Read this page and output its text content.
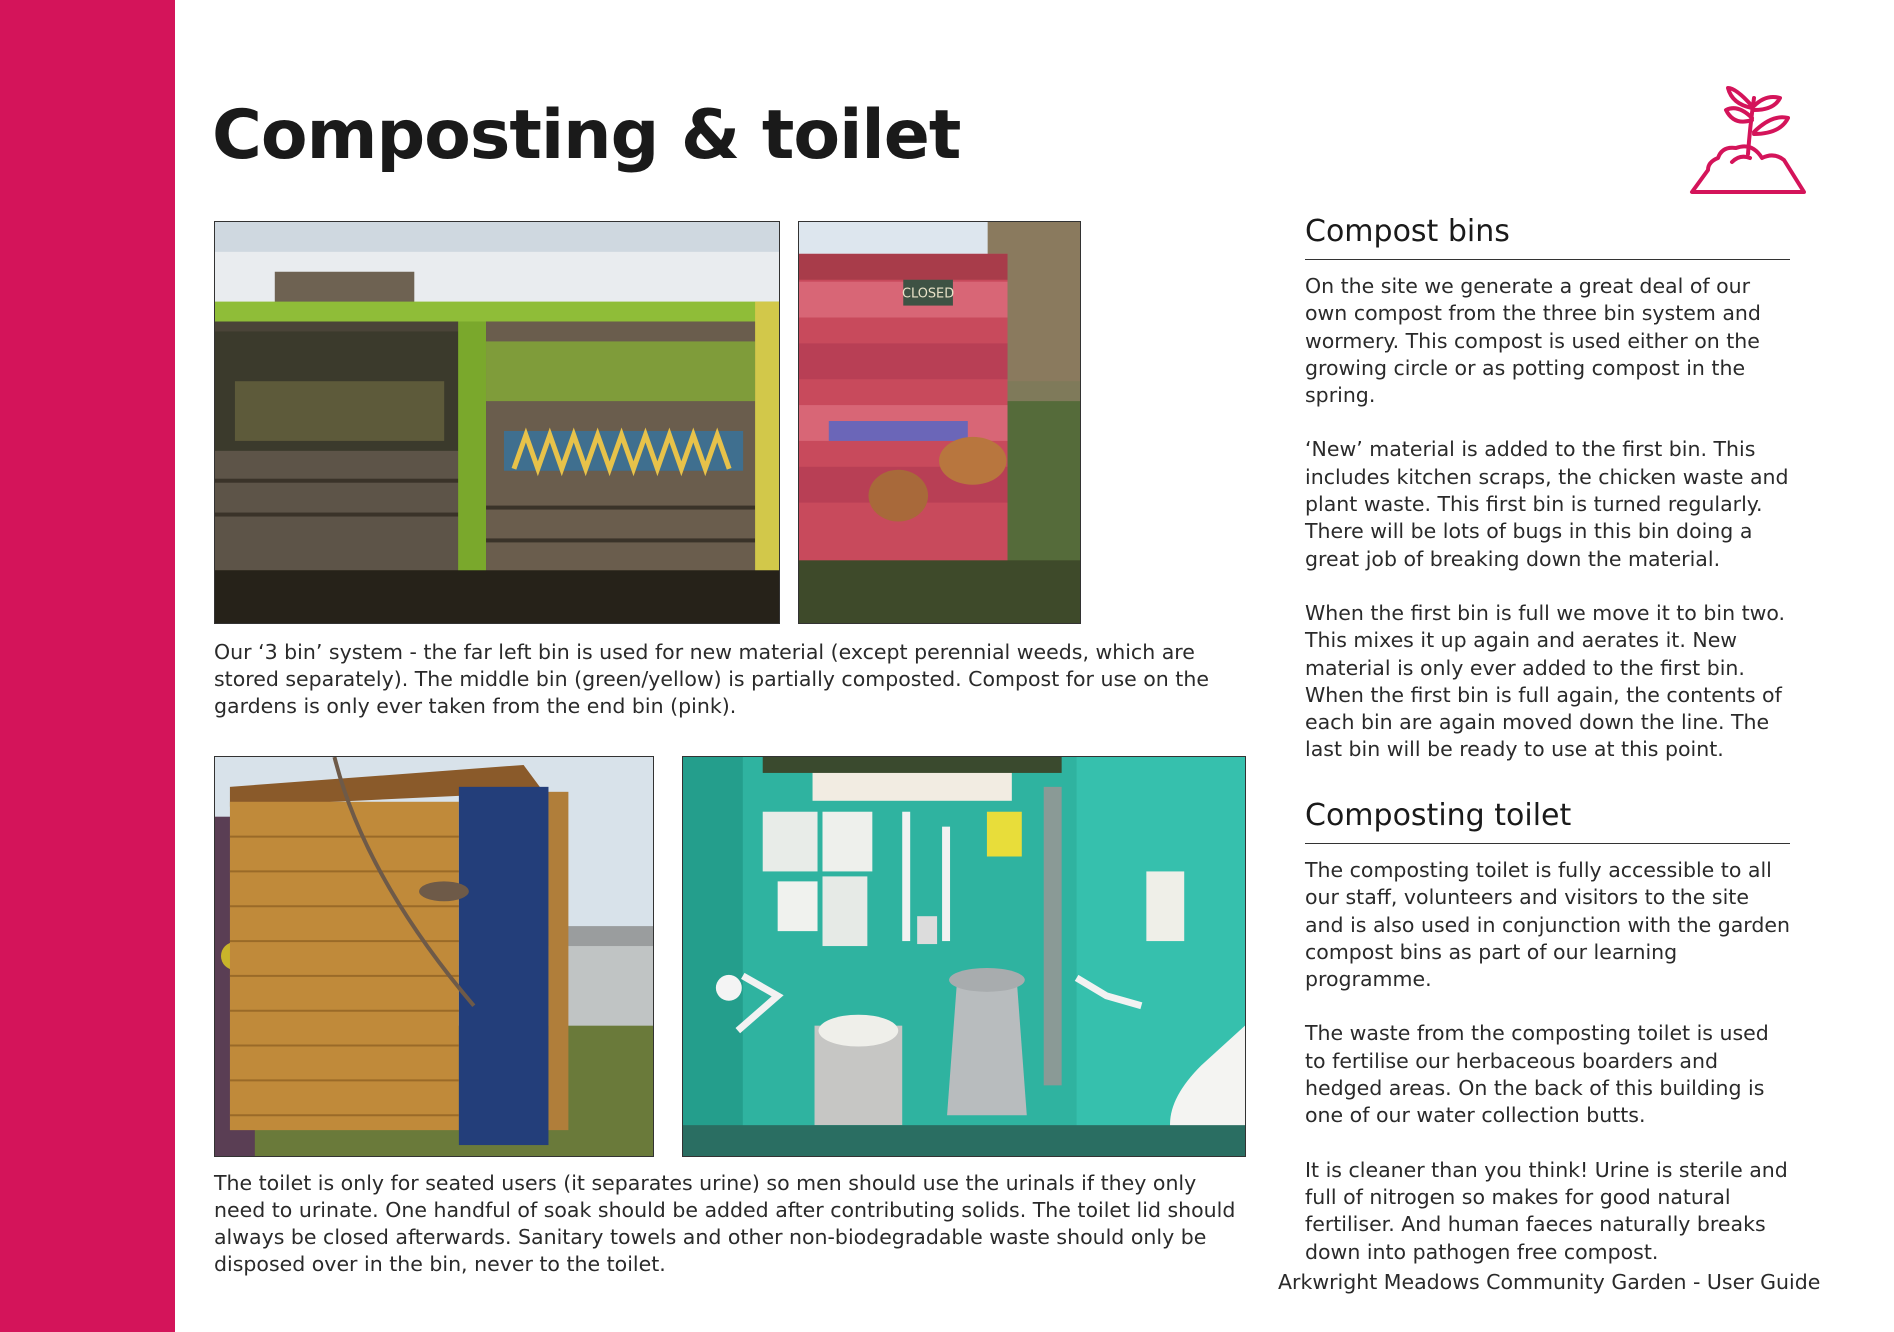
Composting & toilet
CLOSED

Our ‘3 bin’ system - the far left bin is used for new material (except perennial weeds, which are stored separately). The middle bin (green/yellow) is partially composted. Compost for use on the gardens is only ever taken from the end bin (pink).

The toilet is only for seated users (it separates urine) so men should use the urinals if they only need to urinate. One handful of soak should be added after contributing solids. The toilet lid should always be closed afterwards. Sanitary towels and other non-biodegradable waste should only be disposed over in the bin, never to the toilet.

Compost bins

On the site we generate a great deal of our own compost from the three bin system and wormery. This compost is used either on the growing circle or as potting compost in the spring.

‘New’ material is added to the first bin. This includes kitchen scraps, the chicken waste and plant waste. This first bin is turned regularly. There will be lots of bugs in this bin doing a great job of breaking down the material.

When the first bin is full we move it to bin two. This mixes it up again and aerates it. New material is only ever added to the first bin. When the first bin is full again, the contents of each bin are again moved down the line. The last bin will be ready to use at this point.

Composting toilet

The composting toilet is fully accessible to all our staff, volunteers and visitors to the site and is also used in conjunction with the garden compost bins as part of our learning programme.

The waste from the composting toilet is used to fertilise our herbaceous boarders and hedged areas. On the back of this building is one of our water collection butts.

It is cleaner than you think! Urine is sterile and full of nitrogen so makes for good natural fertiliser. And human faeces naturally breaks down into pathogen free compost.

Arkwright Meadows Community Garden - User Guide
